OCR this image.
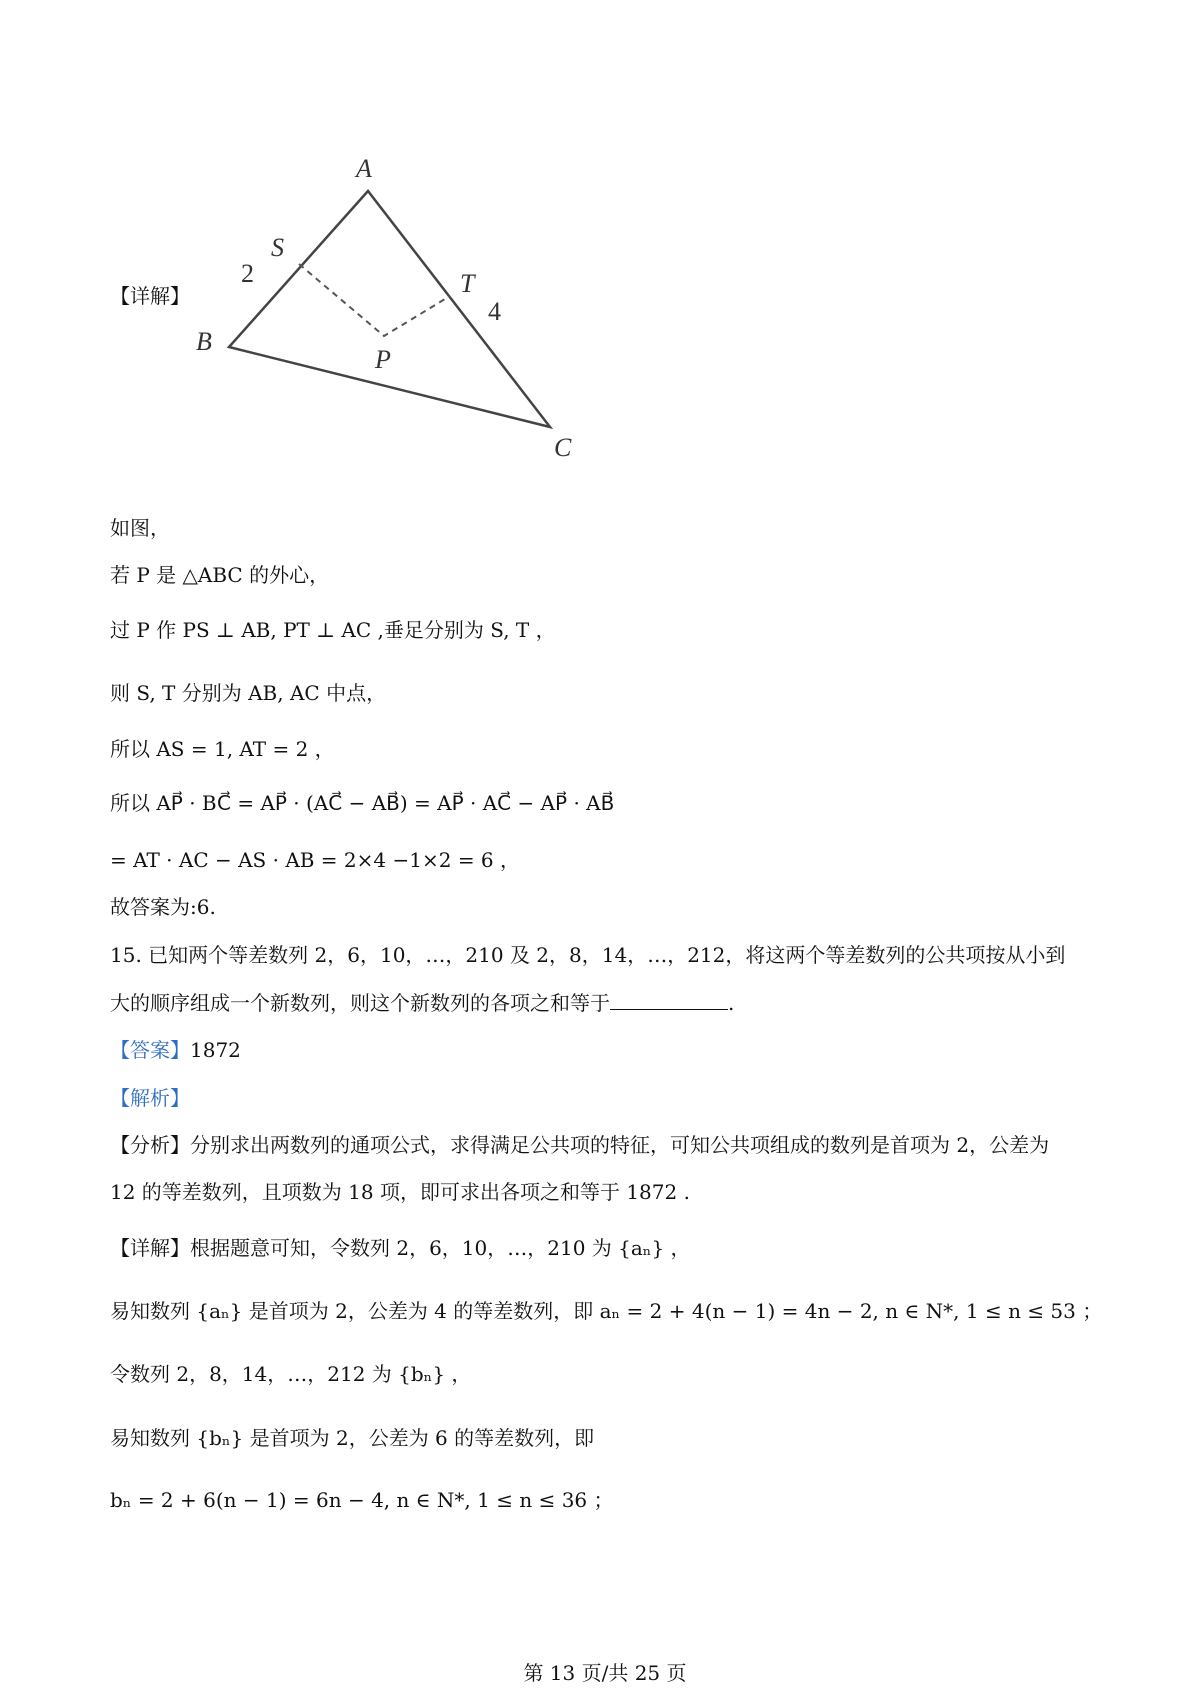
A
B
C
S
T
P
2
4
【详解】
如图，
若 P 是 △ABC 的外心，
过 P 作 PS ⊥ AB, PT ⊥ AC ,垂足分别为 S, T ，
则 S, T 分别为 AB, AC 中点，
所以 AS = 1, AT = 2 ，
所以 AP⃗ · BC⃗ = AP⃗ · (AC⃗ − AB⃗) = AP⃗ · AC⃗ − AP⃗ · AB⃗
= AT · AC − AS · AB = 2×4 −1×2 = 6 ，
故答案为:6.
15. 已知两个等差数列 2，6，10，…，210 及 2，8，14，…，212，将这两个等差数列的公共项按从小到
大的顺序组成一个新数列，则这个新数列的各项之和等于	.
【答案】1872
【解析】
【分析】分别求出两数列的通项公式，求得满足公共项的特征，可知公共项组成的数列是首项为 2，公差为
12 的等差数列，且项数为 18 项，即可求出各项之和等于 1872 .
【详解】根据题意可知，令数列 2，6，10，…，210 为 {aₙ} ，
易知数列 {aₙ} 是首项为 2，公差为 4 的等差数列，即 aₙ = 2 + 4(n − 1) = 4n − 2, n ∈ N*, 1 ≤ n ≤ 53 ；
令数列 2，8，14，…，212 为 {bₙ} ，
易知数列 {bₙ} 是首项为 2，公差为 6 的等差数列，即
bₙ = 2 + 6(n − 1) = 6n − 4, n ∈ N*, 1 ≤ n ≤ 36 ；
第 13 页/共 25 页
